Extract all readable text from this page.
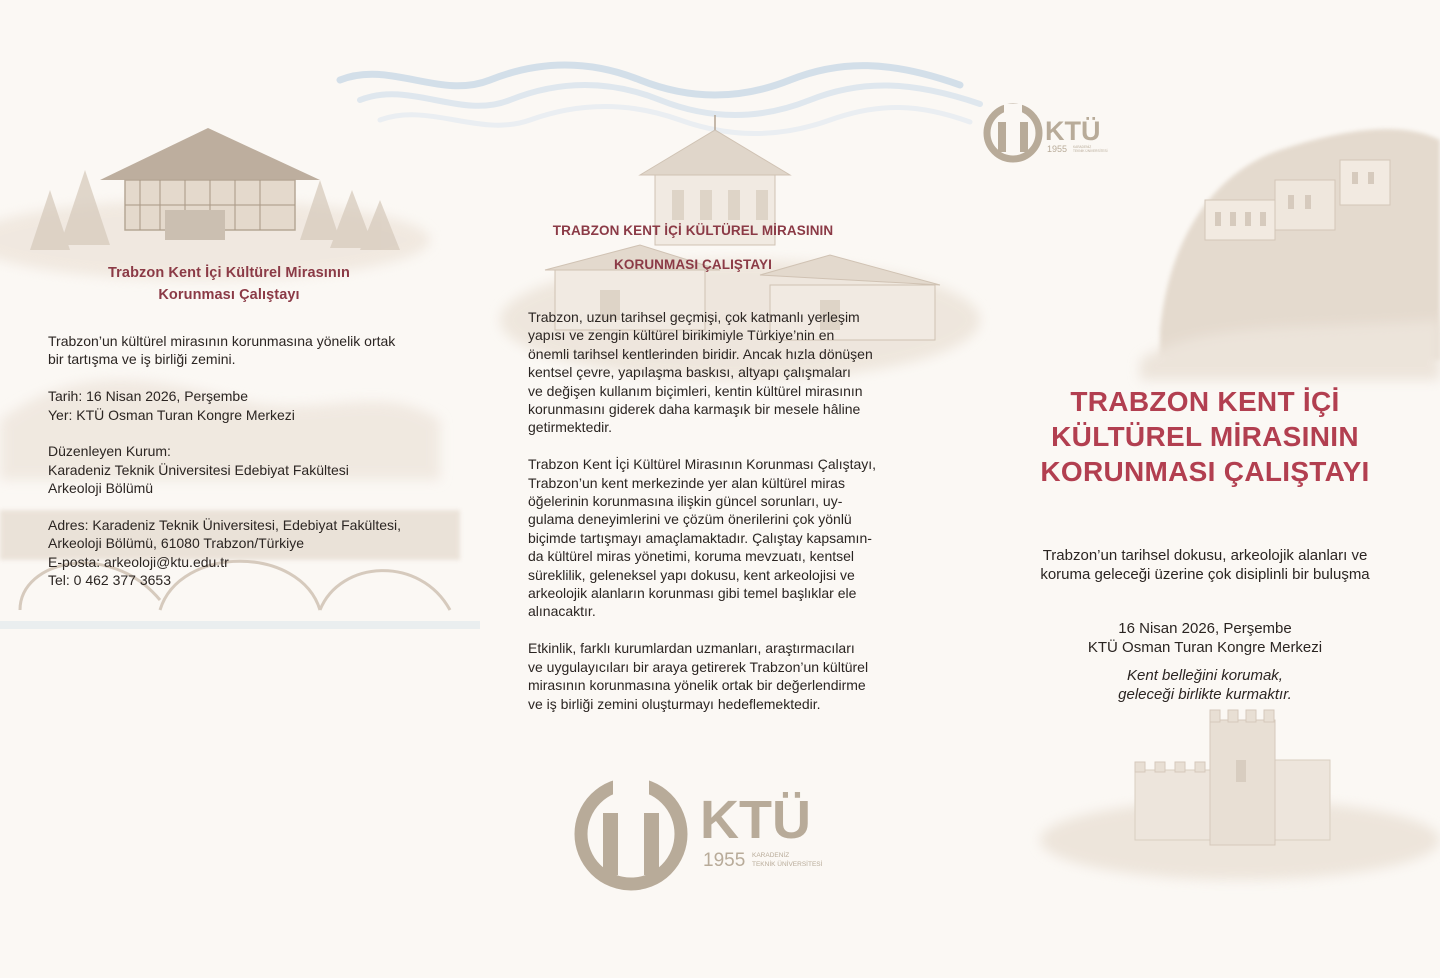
KTÜ
1955 KARADENİZ
TEKNİK ÜNİVERSİTESİ
KTÜ
1955 KARADENİZ
TEKNİK ÜNİVERSİTESİ
Trabzon Kent İçi Kültürel Mirasının
Korunması Çalıştayı

Trabzon’un kültürel mirasının korunmasına yönelik ortak
bir tartışma ve iş birliği zemini.

Tarih: 16 Nisan 2026, Perşembe
Yer: KTÜ Osman Turan Kongre Merkezi

Düzenleyen Kurum:
Karadeniz Teknik Üniversitesi Edebiyat Fakültesi
Arkeoloji Bölümü

Adres: Karadeniz Teknik Üniversitesi, Edebiyat Fakültesi,
Arkeoloji Bölümü, 61080 Trabzon/Türkiye
E-posta: arkeoloji@ktu.edu.tr
Tel: 0 462 377 3653

TRABZON KENT İÇİ KÜLTÜREL MİRASININ
KORUNMASI ÇALIŞTAYI

Trabzon, uzun tarihsel geçmişi, çok katmanlı yerleşim
yapısı ve zengin kültürel birikimiyle Türkiye’nin en
önemli tarihsel kentlerinden biridir. Ancak hızla dönüşen
kentsel çevre, yapılaşma baskısı, altyapı çalışmaları
ve değişen kullanım biçimleri, kentin kültürel mirasının
korunmasını giderek daha karmaşık bir mesele hâline
getirmektedir.

Trabzon Kent İçi Kültürel Mirasının Korunması Çalıştayı,
Trabzon’un kent merkezinde yer alan kültürel miras
öğelerinin korunmasına ilişkin güncel sorunları, uy-
gulama deneyimlerini ve çözüm önerilerini çok yönlü
biçimde tartışmayı amaçlamaktadır. Çalıştay kapsamın-
da kültürel miras yönetimi, koruma mevzuatı, kentsel
süreklilik, geleneksel yapı dokusu, kent arkeolojisi ve
arkeolojik alanların korunması gibi temel başlıklar ele
alınacaktır.

Etkinlik, farklı kurumlardan uzmanları, araştırmacıları
ve uygulayıcıları bir araya getirerek Trabzon’un kültürel
mirasının korunmasına yönelik ortak bir değerlendirme
ve iş birliği zemini oluşturmayı hedeflemektedir.

TRABZON KENT İÇİ
KÜLTÜREL MİRASININ
KORUNMASI ÇALIŞTAYI
Trabzon’un tarihsel dokusu, arkeolojik alanları ve
koruma geleceği üzerine çok disiplinli bir buluşma
16 Nisan 2026, Perşembe
KTÜ Osman Turan Kongre Merkezi
Kent belleğini korumak,
geleceği birlikte kurmaktır.
